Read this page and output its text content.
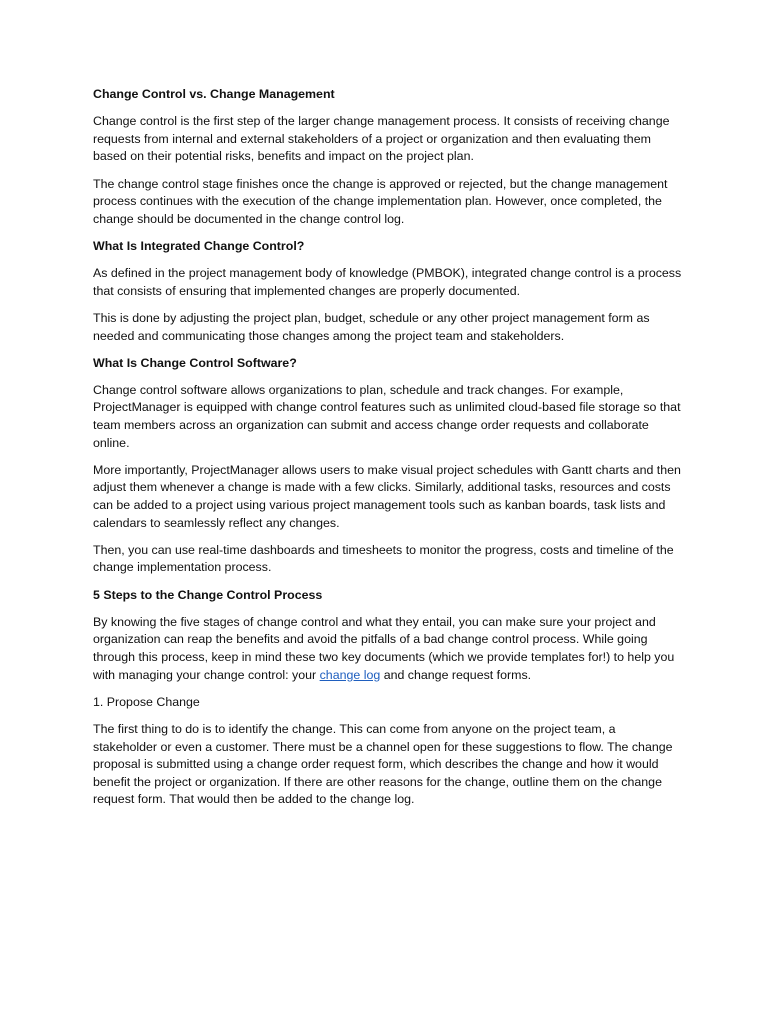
Change Control vs. Change Management
Change control is the first step of the larger change management process. It consists of receiving change requests from internal and external stakeholders of a project or organization and then evaluating them based on their potential risks, benefits and impact on the project plan.
The change control stage finishes once the change is approved or rejected, but the change management process continues with the execution of the change implementation plan. However, once completed, the change should be documented in the change control log.
What Is Integrated Change Control?
As defined in the project management body of knowledge (PMBOK), integrated change control is a process that consists of ensuring that implemented changes are properly documented.
This is done by adjusting the project plan, budget, schedule or any other project management form as needed and communicating those changes among the project team and stakeholders.
What Is Change Control Software?
Change control software allows organizations to plan, schedule and track changes. For example, ProjectManager is equipped with change control features such as unlimited cloud-based file storage so that team members across an organization can submit and access change order requests and collaborate online.
More importantly, ProjectManager allows users to make visual project schedules with Gantt charts and then adjust them whenever a change is made with a few clicks. Similarly, additional tasks, resources and costs can be added to a project using various project management tools such as kanban boards, task lists and calendars to seamlessly reflect any changes.
Then, you can use real-time dashboards and timesheets to monitor the progress, costs and timeline of the change implementation process.
5 Steps to the Change Control Process
By knowing the five stages of change control and what they entail, you can make sure your project and organization can reap the benefits and avoid the pitfalls of a bad change control process. While going through this process, keep in mind these two key documents (which we provide templates for!) to help you with managing your change control: your change log and change request forms.
1. Propose Change
The first thing to do is to identify the change. This can come from anyone on the project team, a stakeholder or even a customer. There must be a channel open for these suggestions to flow. The change proposal is submitted using a change order request form, which describes the change and how it would benefit the project or organization. If there are other reasons for the change, outline them on the change request form. That would then be added to the change log.
